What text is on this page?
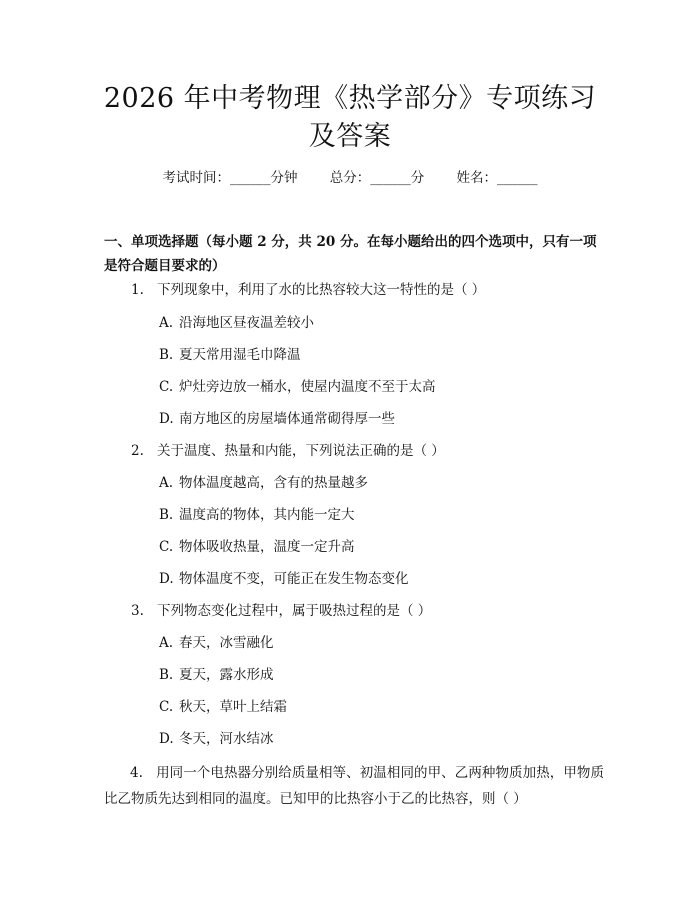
2026 年中考物理《热学部分》专项练习及答案
考试时间：______分钟 总分：______分 姓名：______
一、单项选择题（每小题 2 分，共 20 分。在每小题给出的四个选项中，只有一项是符合题目要求的）
1. 下列现象中，利用了水的比热容较大这一特性的是（ ）
A. 沿海地区昼夜温差较小
B. 夏天常用湿毛巾降温
C. 炉灶旁边放一桶水，使屋内温度不至于太高
D. 南方地区的房屋墙体通常砌得厚一些
2. 关于温度、热量和内能，下列说法正确的是（ ）
A. 物体温度越高，含有的热量越多
B. 温度高的物体，其内能一定大
C. 物体吸收热量，温度一定升高
D. 物体温度不变，可能正在发生物态变化
3. 下列物态变化过程中，属于吸热过程的是（ ）
A. 春天，冰雪融化
B. 夏天，露水形成
C. 秋天，草叶上结霜
D. 冬天，河水结冰
4. 用同一个电热器分别给质量相等、初温相同的甲、乙两种物质加热，甲物质比乙物质先达到相同的温度。已知甲的比热容小于乙的比热容，则（ ）
